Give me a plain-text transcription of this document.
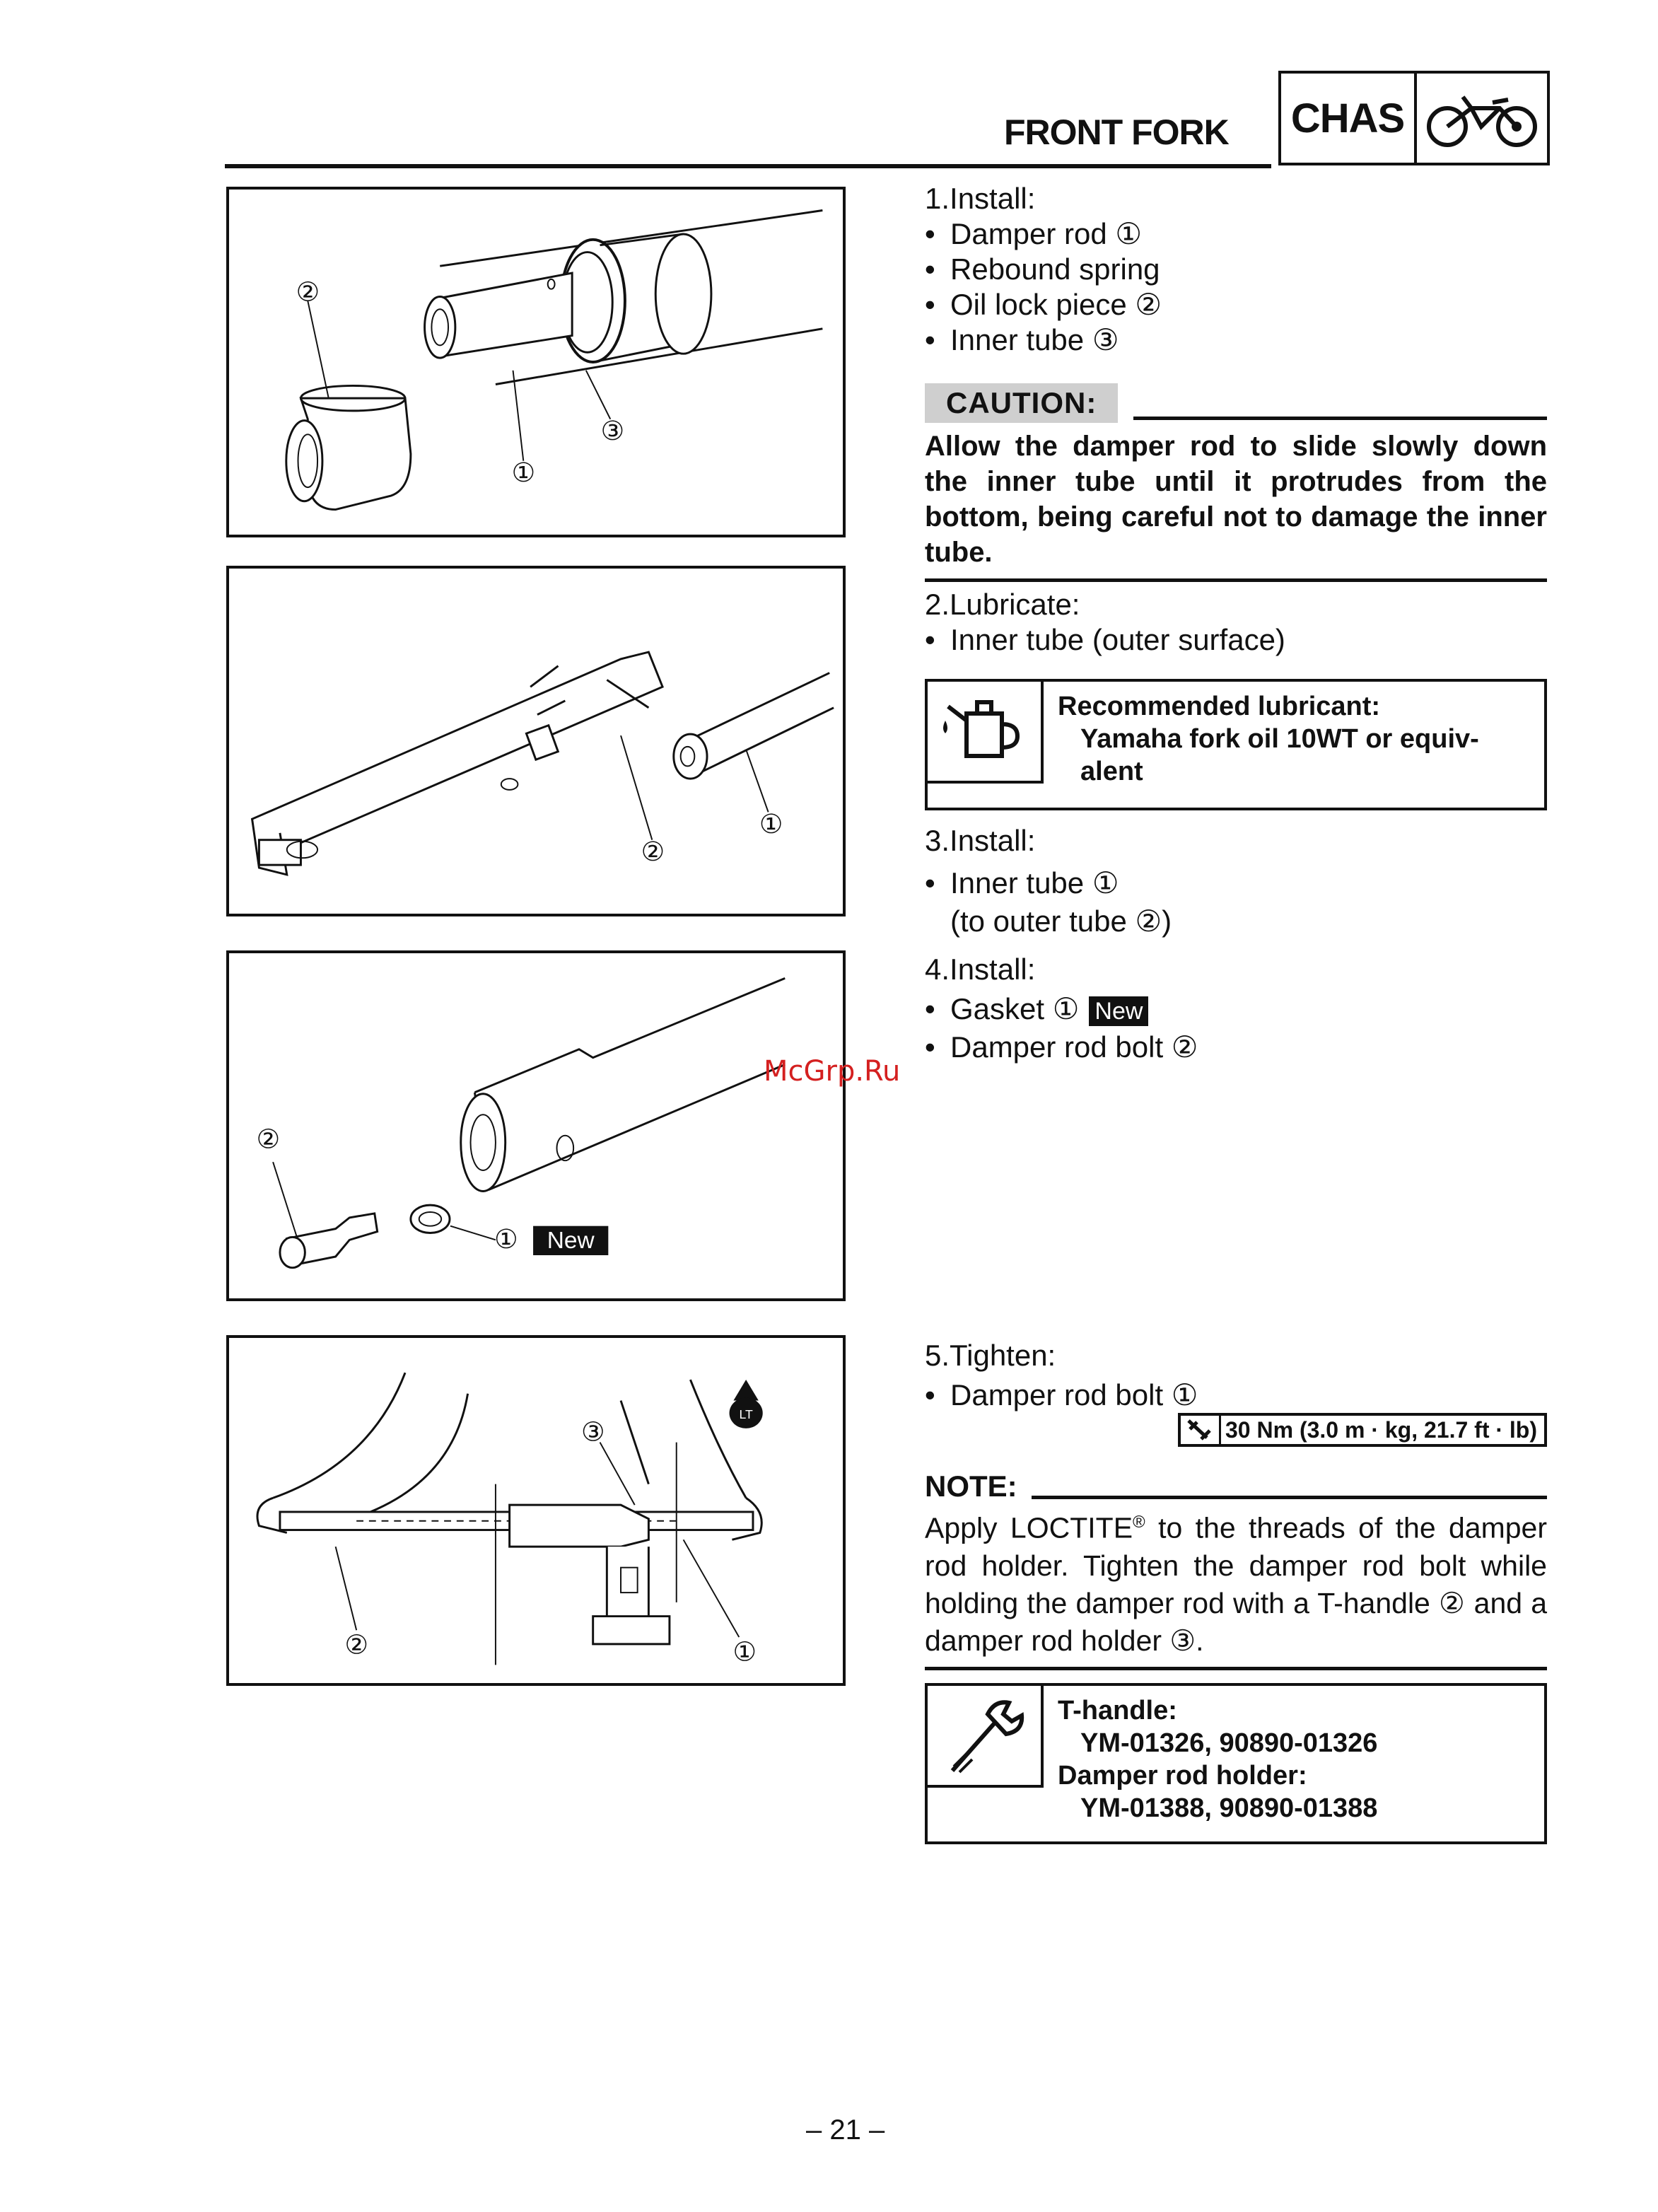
FRONT FORK CHAS
②
①
③
②
①
②
① New
LT
③
②	①
1.Install:
• Damper rod ①
• Rebound spring
• Oil lock piece ②
• Inner tube ③
CAUTION:
Allow the damper rod to slide slowly down the inner tube until it protrudes from the bottom, being careful not to damage the inner tube.
2.Lubricate:
• Inner tube (outer surface)
Recommended lubricant:
Yamaha fork oil 10WT or equiv-
alent
3.Install:
• Inner tube ①
(to outer tube ②)
4.Install:
• Gasket ① New
• Damper rod bolt ②
McGrp.Ru
5.Tighten:
• Damper rod bolt ①
30 Nm (3.0 m · kg, 21.7 ft · lb)
NOTE:
Apply LOCTITE® to the threads of the damper rod holder. Tighten the damper rod bolt while holding the damper rod with a T-handle ② and a damper rod holder ③.
T-handle:
YM-01326, 90890-01326
Damper rod holder:
YM-01388, 90890-01388
– 21 –
